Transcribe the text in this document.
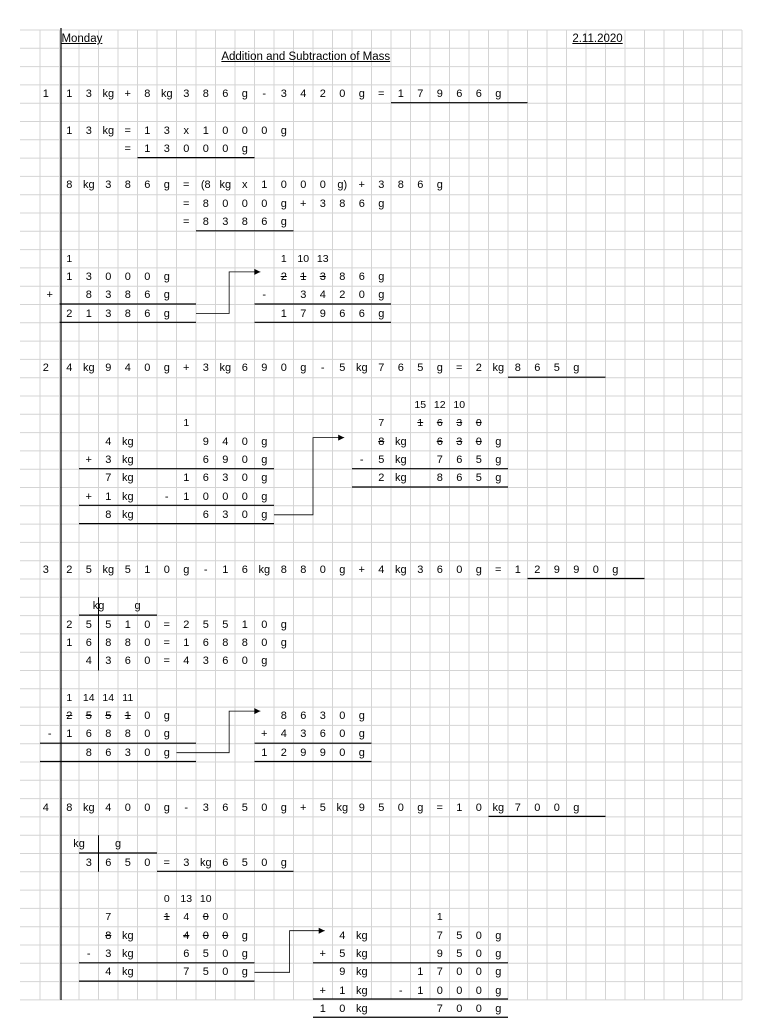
Monday	2.11.2020
Addition and Subtraction of Mass
1	1	3 kg +	8 kg 3	8	6	g	-	3	4	2	0	g	=	1	7	9	6	6	g
1	3 kg =	1	3	x	1	0	0	0	g
=	1	3	0	0	0	g
8 kg 3	8	6	g	=	(8 kg x	1	0	0	0	g)	+	3	8	6	g
=	8	0	0	0	g	+	3	8	6	g
=	8	3	8	6	g
1
1	3	0	0	0	g
+	8	3	8	6	g
2	1	3	8	6	g
1	10 13
2	1	3	8	6	g
-	3	4	2	0	g
1	7	9	6	6	g
2	4 kg 9	4	0	g	+	3 kg 6	9	0	g	-	5 kg 7	6	5	g	=	2 kg 8	6	5	g
1
4 kg	9	4	0	g
+	3 kg	6	9	0	g
7 kg	1	6	3	0	g
+	1 kg	-	1	0	0	0	g
8 kg	6	3	0	g
15 12 10
7	1	6	3	0
8 kg	6	3	0	g
-	5 kg	7	6	5	g
2 kg	8	6	5	g
3	2	5 kg 5	1	0	g	-	1	6 kg 8	8	0	g	+	4 kg 3	6	0	g	=	1	2	9	9	0	g
kg	g
2	5	5	1	0	=	2	5	5	1	0	g
1	6	8	8	0	=	1	6	8	8	0	g
4	3	6	0	=	4	3	6	0	g
1	14 14 11
2	5	5	1	0	g
-	1	6	8	8	0	g
8	6	3	0	g
8	6	3	0	g
+	4	3	6	0	g
1	2	9	9	0	g
4	8 kg 4	0	0	g	-	3	6	5	0	g	+	5 kg 9	5	0	g	=	1	0 kg 7	0	0	g
kg	g
3	6	5	0	=	3 kg 6	5	0	g
0	13 10
7	1	4	0	0
8 kg	4	0	0	g
-	3 kg	6	5	0	g
4 kg	7	5	0	g
1
4 kg	7	5	0	g
+	5 kg	9	5	0	g
9 kg	1	7	0	0	g
+	1 kg	-	1	0	0	0	g
1	0 kg	7	0	0	g
